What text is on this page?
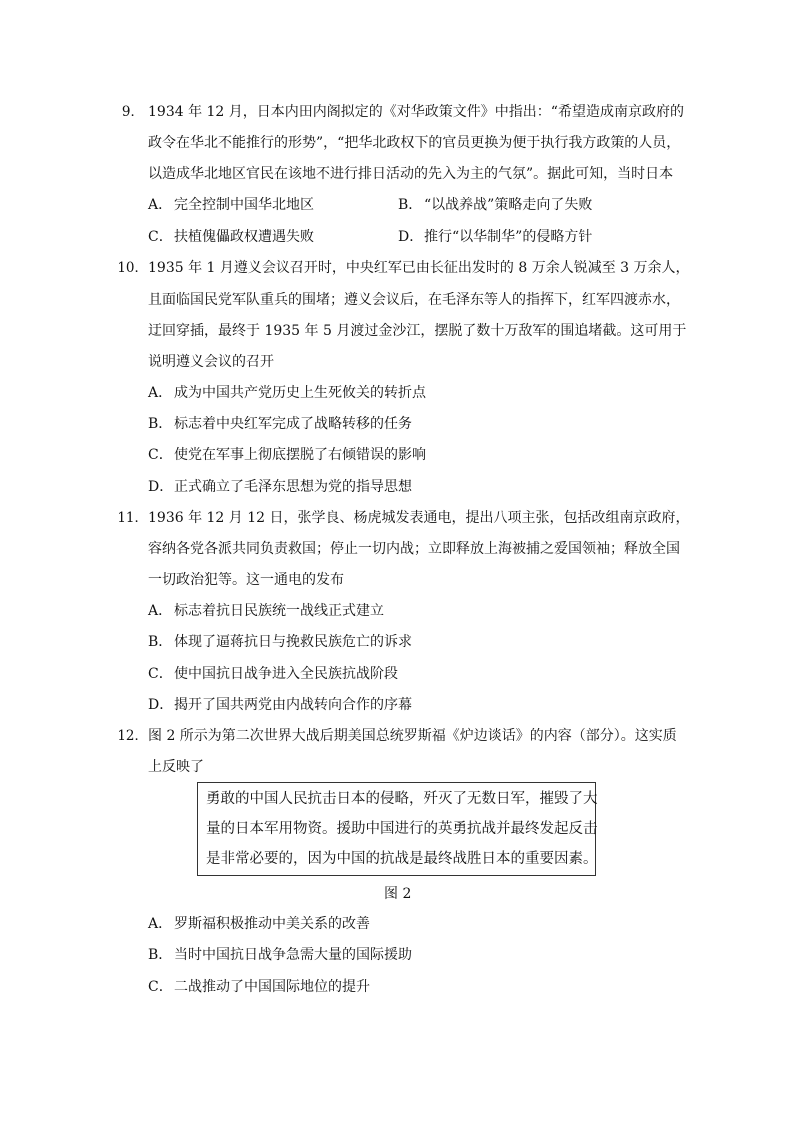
9． 1934 年 12 月，日本内田内阁拟定的《对华政策文件》中指出：“希望造成南京政府的
政令在华北不能推行的形势”，“把华北政权下的官员更换为便于执行我方政策的人员，
以造成华北地区官民在该地不进行排日活动的先入为主的气氛”。据此可知，当时日本
A． 完全控制中国华北地区	B． “以战养战”策略走向了失败
C．扶植傀儡政权遭遇失败	D．推行“以华制华”的侵略方针
10． 1935 年 1 月遵义会议召开时，中央红军已由长征出发时的 8 万余人锐减至 3 万余人，
且面临国民党军队重兵的围堵；遵义会议后，在毛泽东等人的指挥下，红军四渡赤水，
迂回穿插，最终于 1935 年 5 月渡过金沙江，摆脱了数十万敌军的围追堵截。这可用于
说明遵义会议的召开
A． 成为中国共产党历史上生死攸关的转折点
B． 标志着中央红军完成了战略转移的任务
C．使党在军事上彻底摆脱了右倾错误的影响
D．正式确立了毛泽东思想为党的指导思想
11． 1936 年 12 月 12 日，张学良、杨虎城发表通电，提出八项主张，包括改组南京政府，
容纳各党各派共同负责救国；停止一切内战；立即释放上海被捕之爱国领袖；释放全国
一切政治犯等。这一通电的发布
A． 标志着抗日民族统一战线正式建立
B． 体现了逼蒋抗日与挽救民族危亡的诉求
C．使中国抗日战争进入全民族抗战阶段
D．揭开了国共两党由内战转向合作的序幕
12． 图 2 所示为第二次世界大战后期美国总统罗斯福《炉边谈话》的内容（部分）。这实质
上反映了
勇敢的中国人民抗击日本的侵略，歼灭了无数日军，摧毁了大
量的日本军用物资。援助中国进行的英勇抗战并最终发起反击
是非常必要的，因为中国的抗战是最终战胜日本的重要因素。
图 2
A． 罗斯福积极推动中美关系的改善
B． 当时中国抗日战争急需大量的国际援助
C．二战推动了中国国际地位的提升
